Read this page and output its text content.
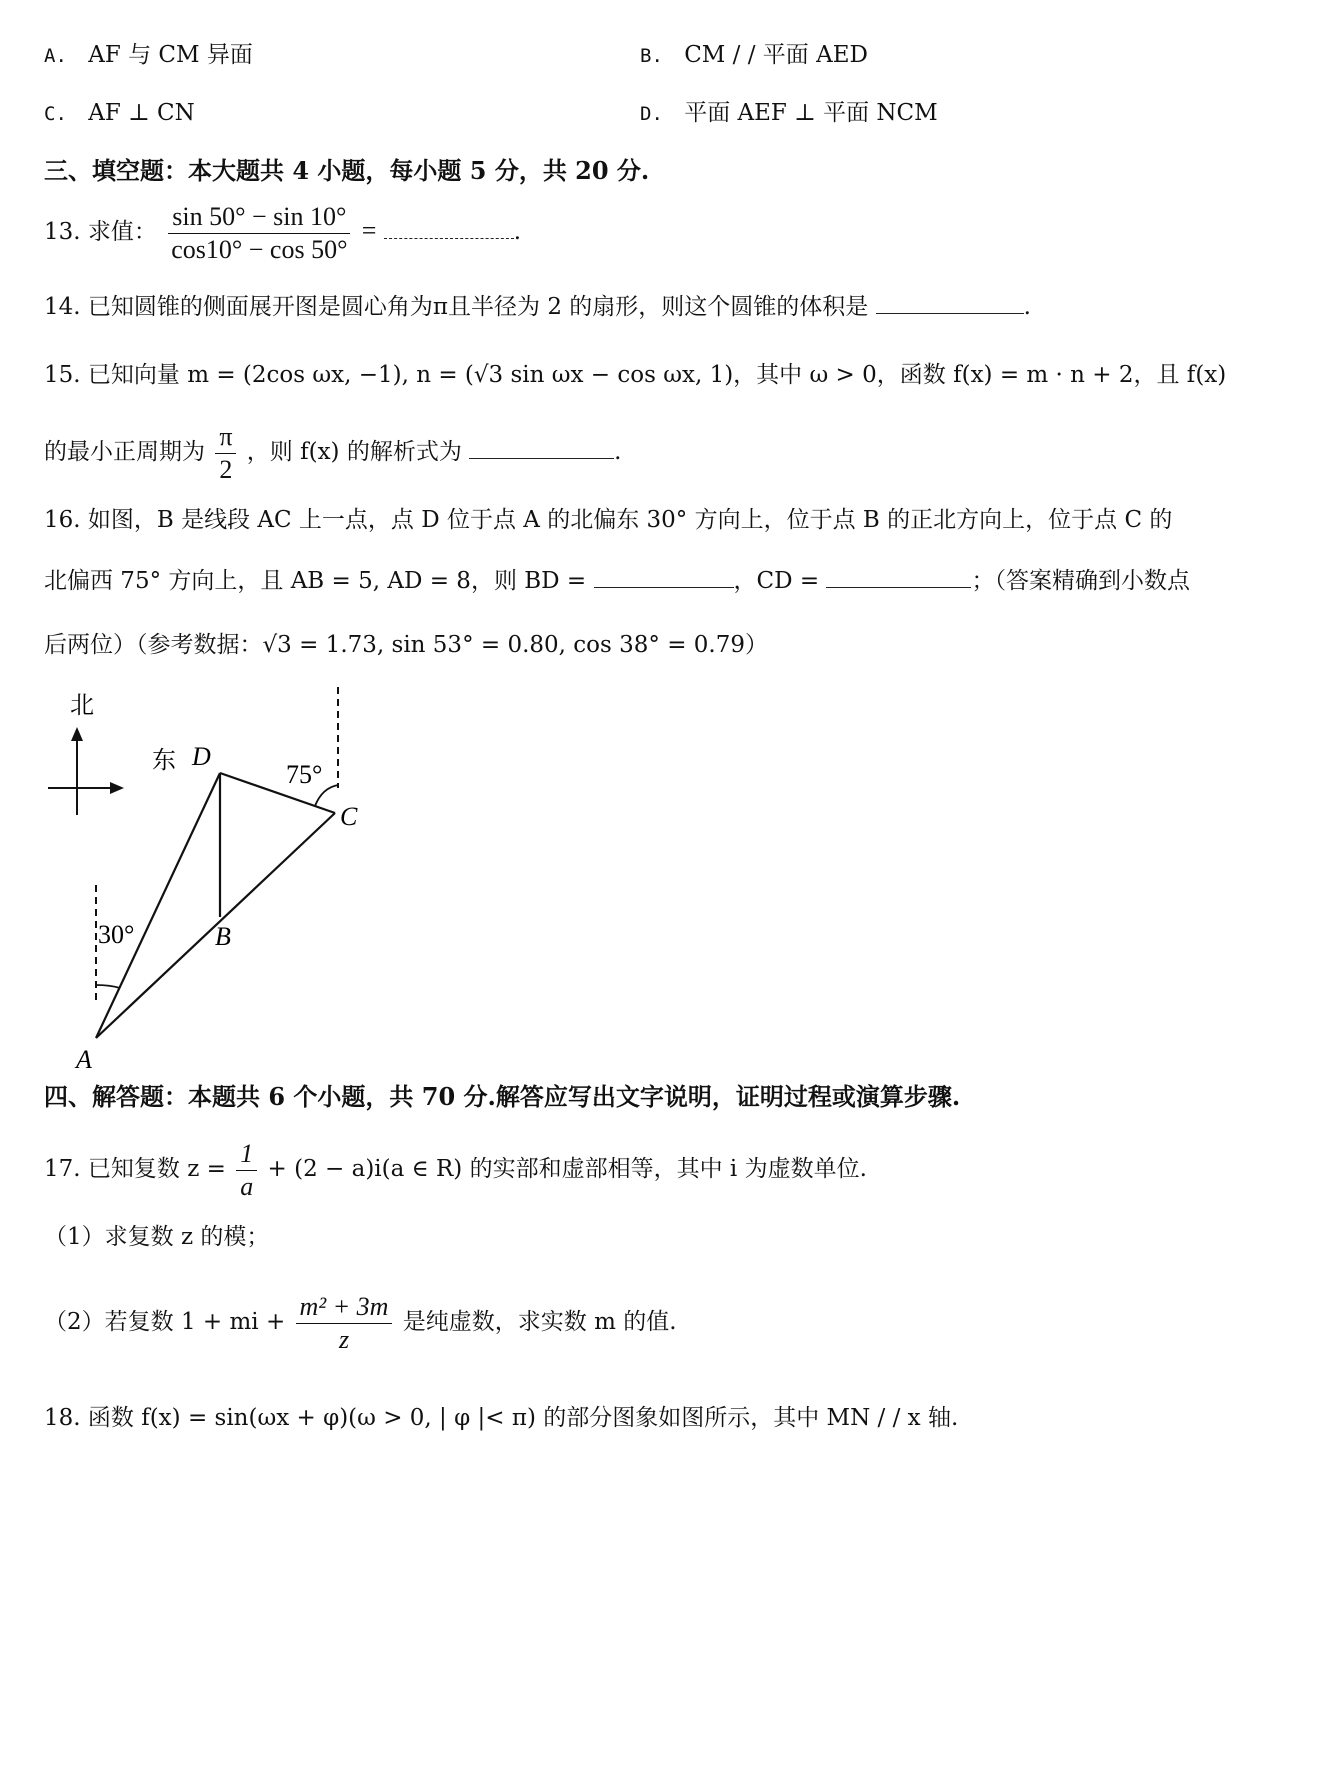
A. AF 与 CM 异面	B. CM / / 平面 AED
C. AF ⊥ CN	D. 平面 AEF ⊥ 平面 NCM
三、填空题：本大题共 4 小题，每小题 5 分，共 20 分.
13. 求值： $\frac{\sin 50^\circ - \sin 10^\circ}{\cos 10^\circ - \cos 50^\circ}$ =	.
14. 已知圆锥的侧面展开图是圆心角为π且半径为 2 的扇形，则这个圆锥的体积是	.
15. 已知向量 m = (2cos ωx, −1), n = (√3 sin ωx − cos ωx, 1)，其中 ω > 0，函数 f(x) = m · n + 2，且 f(x)
的最小正周期为 $\frac{\pi}{2}$ ，则 f(x) 的解析式为	.
16. 如图，B 是线段 AC 上一点，点 D 位于点 A 的北偏东 30° 方向上，位于点 B 的正北方向上，位于点 C 的
北偏西 75° 方向上，且 AB = 5, AD = 8，则 BD =	，CD =	；（答案精确到小数点
后两位）（参考数据：√3 = 1.73, sin 53° = 0.80, cos 38° = 0.79）
北
东 D
C
B
A
75°
30°
四、解答题：本题共 6 个小题，共 70 分.解答应写出文字说明，证明过程或演算步骤.
17. 已知复数 $z = \frac{1}{a} + (2 - a)i(a$ ∈ R) 的实部和虚部相等，其中 i 为虚数单位.
（1）求复数 z 的模；
（2）若复数 1 + mi + $\frac{\text{m² + 3m}}{z}$ 是纯虚数，求实数 m 的值.
18. 函数 f(x) = sin(ωx + φ)(ω > 0, | φ |< π) 的部分图象如图所示，其中 MN / / x 轴.
